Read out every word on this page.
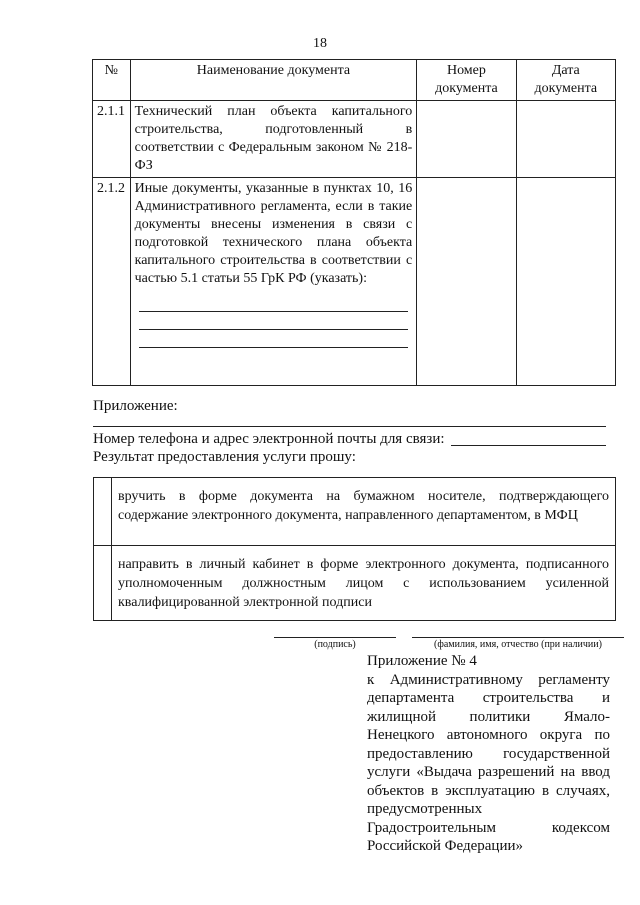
18
№	Наименование документа	Номер документа	Дата документа
2.1.1	Технический план объекта капитального строительства, подготовленный в соответствии с Федеральным законом № 218-ФЗ		
2.1.2	Иные документы, указанные в пунктах 10, 16 Административного регламента, если в такие документы внесены изменения в связи с подготовкой технического плана объекта капитального строительства в соответствии с частью 5.1 статьи 55 ГрК РФ (указать):		

Приложение:
Номер телефона и адрес электронной почты для связи:
Результат предоставления услуги прошу:
	вручить в форме документа на бумажном носителе, подтверждающего содержание электронного документа, направленного департаментом, в МФЦ
	направить в личный кабинет в форме электронного документа, подписанного уполномоченным должностным лицом с использованием усиленной квалифицированной электронной подписи
(подпись)	(фамилия, имя, отчество (при наличии)

Приложение № 4

к Административному регламенту департамента строительства и жилищной политики Ямало-Ненецкого автономного округа по предоставлению государственной услуги «Выдача разрешений на ввод объектов в эксплуатацию в случаях, предусмотренных Градостроительным кодексом Российской Федерации»
